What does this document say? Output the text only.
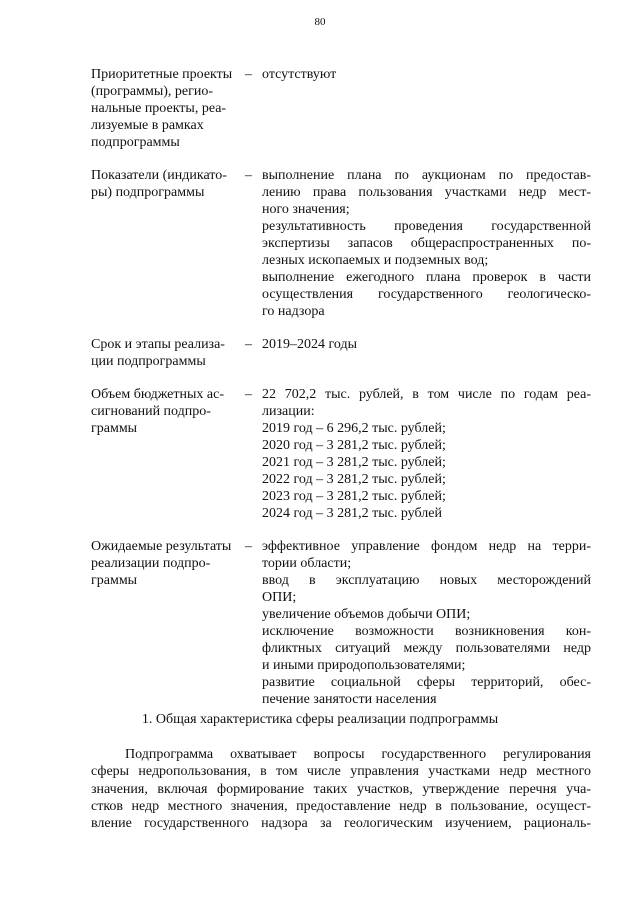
80
Приоритетные проекты
(программы), регио-
нальные проекты, реа-
лизуемые в рамках
подпрограммы
– отсутствуют
Показатели (индикато-
ры) подпрограммы
– выполнение плана по аукционам по предостав-
лению права пользования участками недр мест-
ного значения;
результативность проведения государственной
экспертизы запасов общераспространенных по-
лезных ископаемых и подземных вод;
выполнение ежегодного плана проверок в части
осуществления государственного геологическо-
го надзора
Срок и этапы реализа-
ции подпрограммы
– 2019–2024 годы
Объем бюджетных ас-
сигнований подпро-
граммы
– 22 702,2 тыс. рублей, в том числе по годам реа-
лизации:
2019 год – 6 296,2 тыс. рублей;
2020 год – 3 281,2 тыс. рублей;
2021 год – 3 281,2 тыс. рублей;
2022 год – 3 281,2 тыс. рублей;
2023 год – 3 281,2 тыс. рублей;
2024 год – 3 281,2 тыс. рублей
Ожидаемые результаты
реализации подпро-
граммы
– эффективное управление фондом недр на терри-
тории области;
ввод в эксплуатацию новых месторождений
ОПИ;
увеличение объемов добычи ОПИ;
исключение возможности возникновения кон-
фликтных ситуаций между пользователями недр
и иными природопользователями;
развитие социальной сферы территорий, обес-
печение занятости населения
1. Общая характеристика сферы реализации подпрограммы
Подпрограмма охватывает вопросы государственного регулирования
сферы недропользования, в том числе управления участками недр местного
значения, включая формирование таких участков, утверждение перечня уча-
стков недр местного значения, предоставление недр в пользование, осущест-
вление государственного надзора за геологическим изучением, рациональ-
